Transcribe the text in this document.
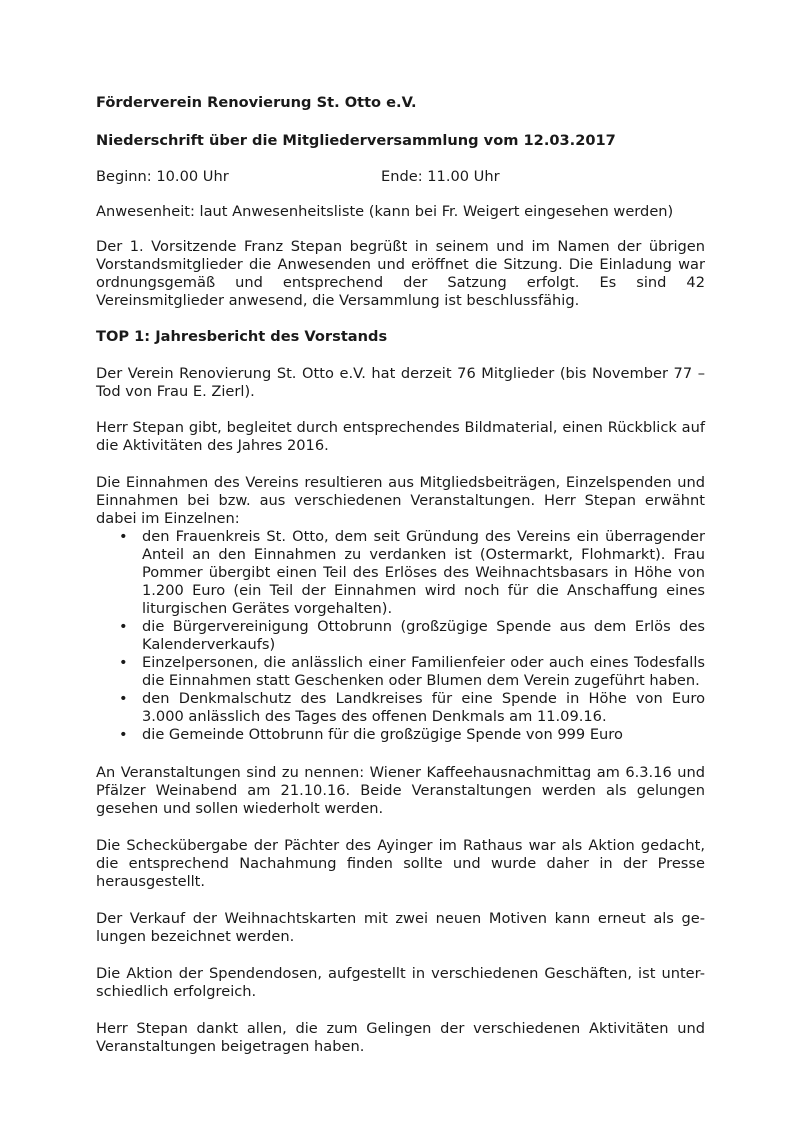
Förderverein Renovierung St. Otto e.V.

Niederschrift über die Mitgliederversammlung vom 12.03.2017

Beginn: 10.00 Uhr	Ende: 11.00 Uhr

Anwesenheit: laut Anwesenheitsliste (kann bei Fr. Weigert eingesehen werden)

Der 1. Vorsitzende Franz Stepan begrüßt in seinem und im Namen der übrigen Vorstandsmitglieder die Anwesenden und eröffnet die Sitzung. Die Einladung war ordnungsgemäß und entsprechend der Satzung erfolgt. Es sind 42 Vereinsmitglieder anwesend, die Versammlung ist beschlussfähig.

TOP 1: Jahresbericht des Vorstands

Der Verein Renovierung St. Otto e.V. hat derzeit 76 Mitglieder (bis November 77 – Tod von Frau E. Zierl).

Herr Stepan gibt, begleitet durch entsprechendes Bildmaterial, einen Rückblick auf die Aktivitäten des Jahres 2016.

Die Einnahmen des Vereins resultieren aus Mitgliedsbeiträgen, Einzelspenden und Einnahmen bei bzw. aus verschiedenen Veranstaltungen. Herr Stepan erwähnt dabei im Einzelnen:

• den Frauenkreis St. Otto, dem seit Gründung des Vereins ein überragender Anteil an den Einnahmen zu verdanken ist (Ostermarkt, Flohmarkt). Frau Pommer übergibt einen Teil des Erlöses des Weihnachtsbasars in Höhe von 1.200 Euro (ein Teil der Einnahmen wird noch für die Anschaffung eines liturgischen Gerätes vorgehalten).
• die Bürgervereinigung Ottobrunn (großzügige Spende aus dem Erlös des Kalenderverkaufs)
• Einzelpersonen, die anlässlich einer Familienfeier oder auch eines Todesfalls die Einnahmen statt Geschenken oder Blumen dem Verein zugeführt haben.
• den Denkmalschutz des Landkreises für eine Spende in Höhe von Euro 3.000 anlässlich des Tages des offenen Denkmals am 11.09.16.
• die Gemeinde Ottobrunn für die großzügige Spende von 999 Euro

An Veranstaltungen sind zu nennen: Wiener Kaffeehausnachmittag am 6.3.16 und Pfälzer Weinabend am 21.10.16. Beide Veranstaltungen werden als gelungen gesehen und sollen wiederholt werden.

Die Scheckübergabe der Pächter des Ayinger im Rathaus war als Aktion gedacht, die entsprechend Nachahmung finden sollte und wurde daher in der Presse herausgestellt.

Der Verkauf der Weihnachtskarten mit zwei neuen Motiven kann erneut als ge-lungen bezeichnet werden.

Die Aktion der Spendendosen, aufgestellt in verschiedenen Geschäften, ist unter-schiedlich erfolgreich.

Herr Stepan dankt allen, die zum Gelingen der verschiedenen Aktivitäten und Veranstaltungen beigetragen haben.
